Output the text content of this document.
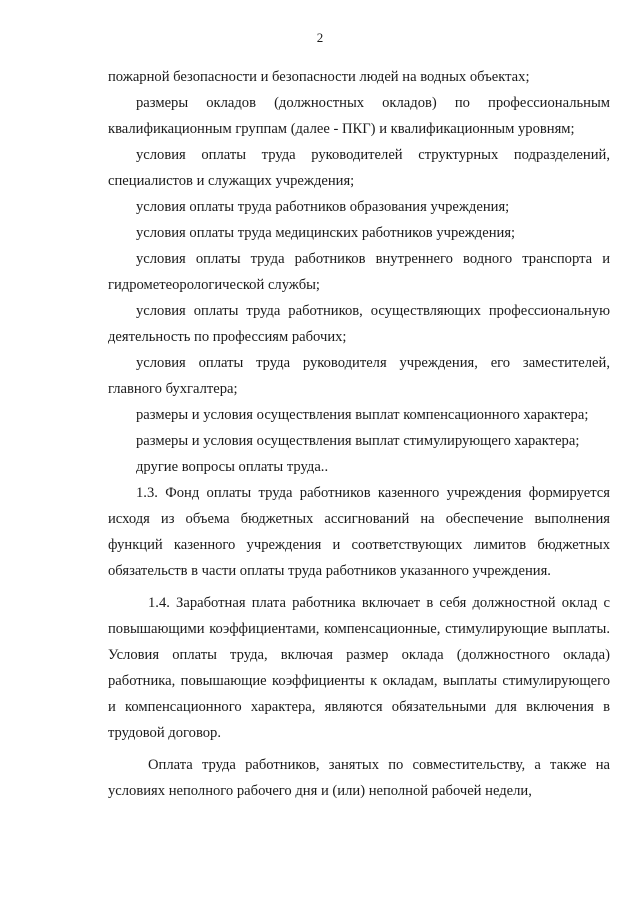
2

пожарной безопасности и безопасности людей на водных объектах;

размеры окладов (должностных окладов) по профессиональным квалификационным группам (далее - ПКГ) и квалификационным уровням;

условия оплаты труда руководителей структурных подразделений, специалистов и служащих учреждения;

условия оплаты труда работников образования учреждения;

условия оплаты труда медицинских работников учреждения;

условия оплаты труда работников внутреннего водного транспорта и гидрометеорологической службы;

условия оплаты труда работников, осуществляющих профессиональную деятельность по профессиям рабочих;

условия оплаты труда руководителя учреждения, его заместителей, главного бухгалтера;

размеры и условия осуществления выплат компенсационного характера;

размеры и условия осуществления выплат стимулирующего характера;

другие вопросы оплаты труда..

1.3. Фонд оплаты труда работников казенного учреждения формируется исходя из объема бюджетных ассигнований на обеспечение выполнения функций казенного учреждения и соответствующих лимитов бюджетных обязательств в части оплаты труда работников указанного учреждения.

1.4. Заработная плата работника включает в себя должностной оклад с повышающими коэффициентами, компенсационные, стимулирующие выплаты. Условия оплаты труда, включая размер оклада (должностного оклада) работника, повышающие коэффициенты к окладам, выплаты стимулирующего и компенсационного характера, являются обязательными для включения в трудовой договор.

Оплата труда работников, занятых по совместительству, а также на условиях неполного рабочего дня и (или) неполной рабочей недели,
